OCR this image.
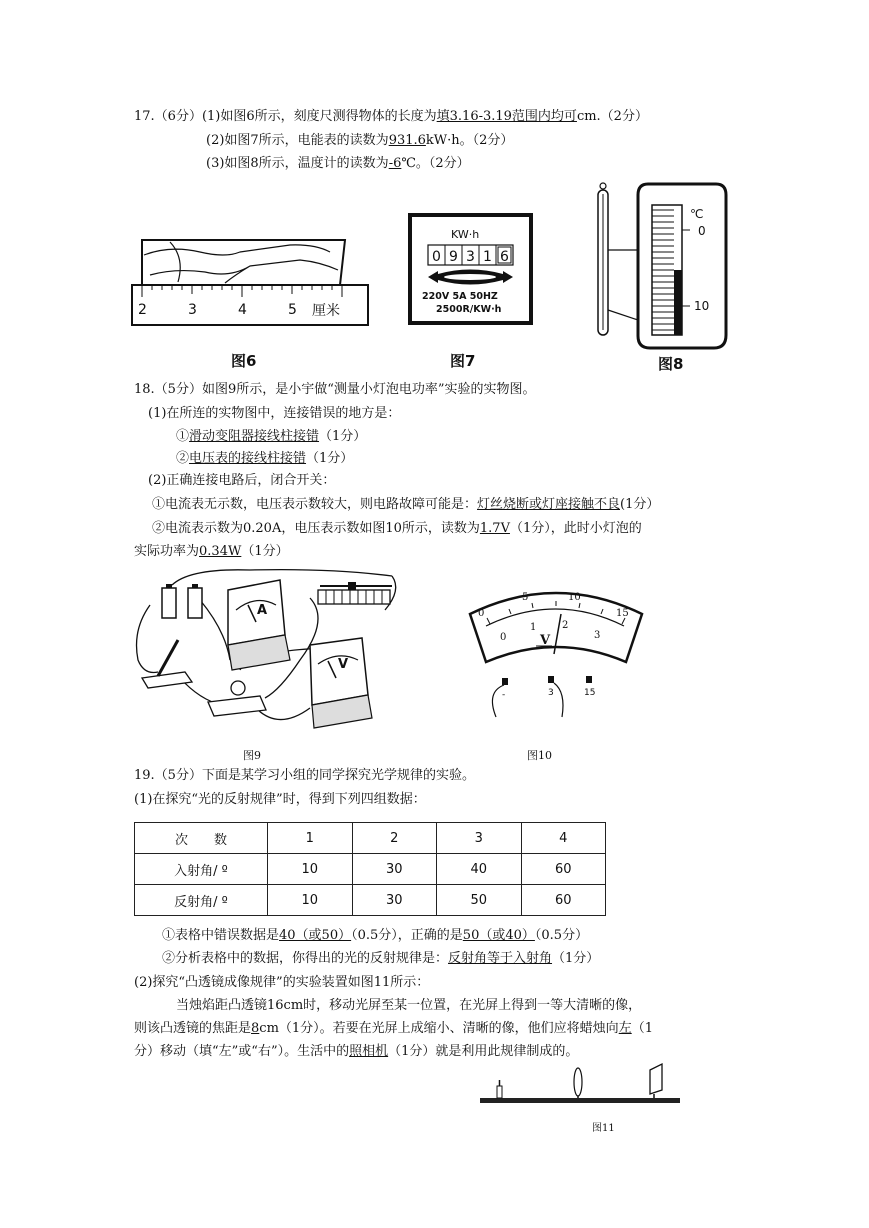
17.（6分）(1)如图6所示，刻度尺测得物体的长度为填3.16-3.19范围内均可cm.（2分）
(2)如图7所示，电能表的读数为931.6kW·h。（2分）
(3)如图8所示，温度计的读数为-6℃。（2分）
2	3	4	5 厘米
图6
KW·h
0 9 3 1 6
220V 5A 50HZ
2500R/KW·h
图7
℃
0
10
图8
18.（5分）如图9所示，是小宇做“测量小灯泡电功率”实验的实物图。
(1)在所连的实物图中，连接错误的地方是：
①滑动变阻器接线柱接错（1分）
②电压表的接线柱接错（1分）
(2)正确连接电路后，闭合开关：
①电流表无示数，电压表示数较大，则电路故障可能是：灯丝烧断或灯座接触不良(1分）
②电流表示数为0.20A，电压表示数如图10所示，读数为1.7V（1分），此时小灯泡的
实际功率为0.34W（1分）
A
V
图9
0
5	10
15
0
1	2
3
V
-	3	15
图10
19.（5分）下面是某学习小组的同学探究光学规律的实验。
(1)在探究“光的反射规律”时，得到下列四组数据：
次　　数	1	2	3	4
入射角/ º	10	30	40	60
反射角/ º	10	30	50	60
①表格中错误数据是40（或50）（0.5分），正确的是50（或40）（0.5分）
②分析表格中的数据，你得出的光的反射规律是：反射角等于入射角（1分）
(2)探究“凸透镜成像规律”的实验装置如图11所示：
当烛焰距凸透镜16cm时，移动光屏至某一位置，在光屏上得到一等大清晰的像，
则该凸透镜的焦距是8cm（1分）。若要在光屏上成缩小、清晰的像，他们应将蜡烛向左（1
分）移动（填“左”或“右”）。生活中的照相机（1分）就是利用此规律制成的。
图11
